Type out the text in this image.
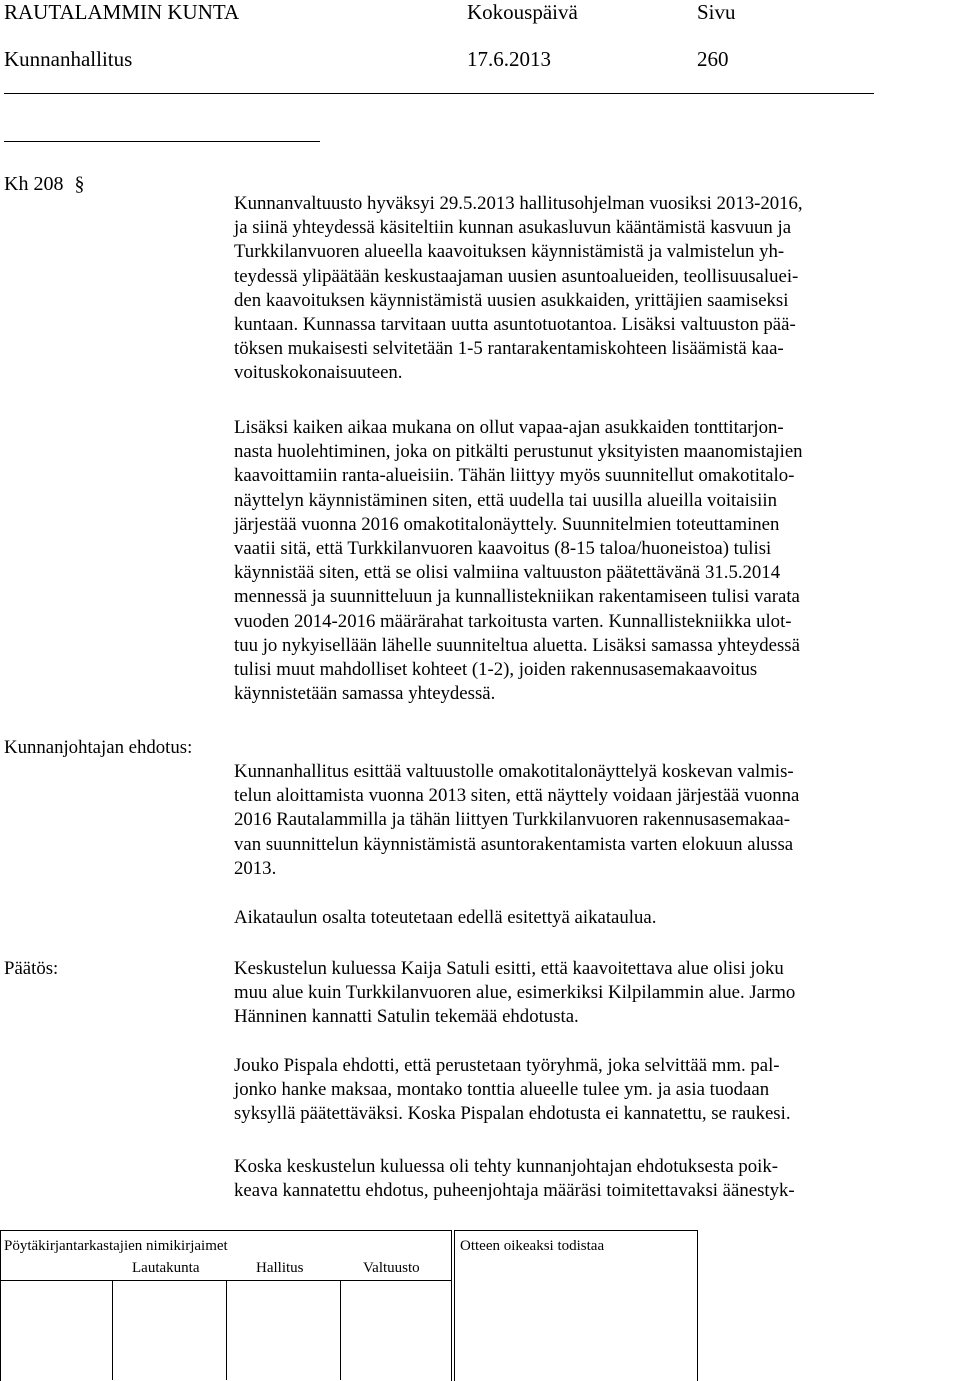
RAUTALAMMIN KUNTA	Kokouspäivä	Sivu
Kunnanhallitus	17.6.2013	260
Kh 208 §
Kunnanvaltuusto hyväksyi 29.5.2013 hallitusohjelman vuosiksi 2013-2016,
ja siinä yhteydessä käsiteltiin kunnan asukasluvun kääntämistä kasvuun ja
Turkkilanvuoren alueella kaavoituksen käynnistämistä ja valmistelun yh-
teydessä ylipäätään keskustaajaman uusien asuntoalueiden, teollisuusaluei-
den kaavoituksen käynnistämistä uusien asukkaiden, yrittäjien saamiseksi
kuntaan. Kunnassa tarvitaan uutta asuntotuotantoa. Lisäksi valtuuston pää-
töksen mukaisesti selvitetään 1-5 rantarakentamiskohteen lisäämistä kaa-
voituskokonaisuuteen.
Lisäksi kaiken aikaa mukana on ollut vapaa-ajan asukkaiden tonttitarjon-
nasta huolehtiminen, joka on pitkälti perustunut yksityisten maanomistajien
kaavoittamiin ranta-alueisiin. Tähän liittyy myös suunnitellut omakotitalo-
näyttelyn käynnistäminen siten, että uudella tai uusilla alueilla voitaisiin
järjestää vuonna 2016 omakotitalonäyttely. Suunnitelmien toteuttaminen
vaatii sitä, että Turkkilanvuoren kaavoitus (8-15 taloa/huoneistoa) tulisi
käynnistää siten, että se olisi valmiina valtuuston päätettävänä 31.5.2014
mennessä ja suunnitteluun ja kunnallistekniikan rakentamiseen tulisi varata
vuoden 2014-2016 määrärahat tarkoitusta varten. Kunnallistekniikka ulot-
tuu jo nykyisellään lähelle suunniteltua aluetta. Lisäksi samassa yhteydessä
tulisi muut mahdolliset kohteet (1-2), joiden rakennusasemakaavoitus
käynnistetään samassa yhteydessä.
Kunnanjohtajan ehdotus:
Kunnanhallitus esittää valtuustolle omakotitalonäyttelyä koskevan valmis-
telun aloittamista vuonna 2013 siten, että näyttely voidaan järjestää vuonna
2016 Rautalammilla ja tähän liittyen Turkkilanvuoren rakennusasemakaa-
van suunnittelun käynnistämistä asuntorakentamista varten elokuun alussa
2013.
Aikataulun osalta toteutetaan edellä esitettyä aikataulua.
Päätös:	Keskustelun kuluessa Kaija Satuli esitti, että kaavoitettava alue olisi joku
muu alue kuin Turkkilanvuoren alue, esimerkiksi Kilpilammin alue. Jarmo
Hänninen kannatti Satulin tekemää ehdotusta.
Jouko Pispala ehdotti, että perustetaan työryhmä, joka selvittää mm. pal-
jonko hanke maksaa, montako tonttia alueelle tulee ym. ja asia tuodaan
syksyllä päätettäväksi. Koska Pispalan ehdotusta ei kannatettu, se raukesi.
Koska keskustelun kuluessa oli tehty kunnanjohtajan ehdotuksesta poik-
keava kannatettu ehdotus, puheenjohtaja määräsi toimitettavaksi äänestyk-
Pöytäkirjantarkastajien nimikirjaimet
Lautakunta	Hallitus	Valtuusto
Otteen oikeaksi todistaa
